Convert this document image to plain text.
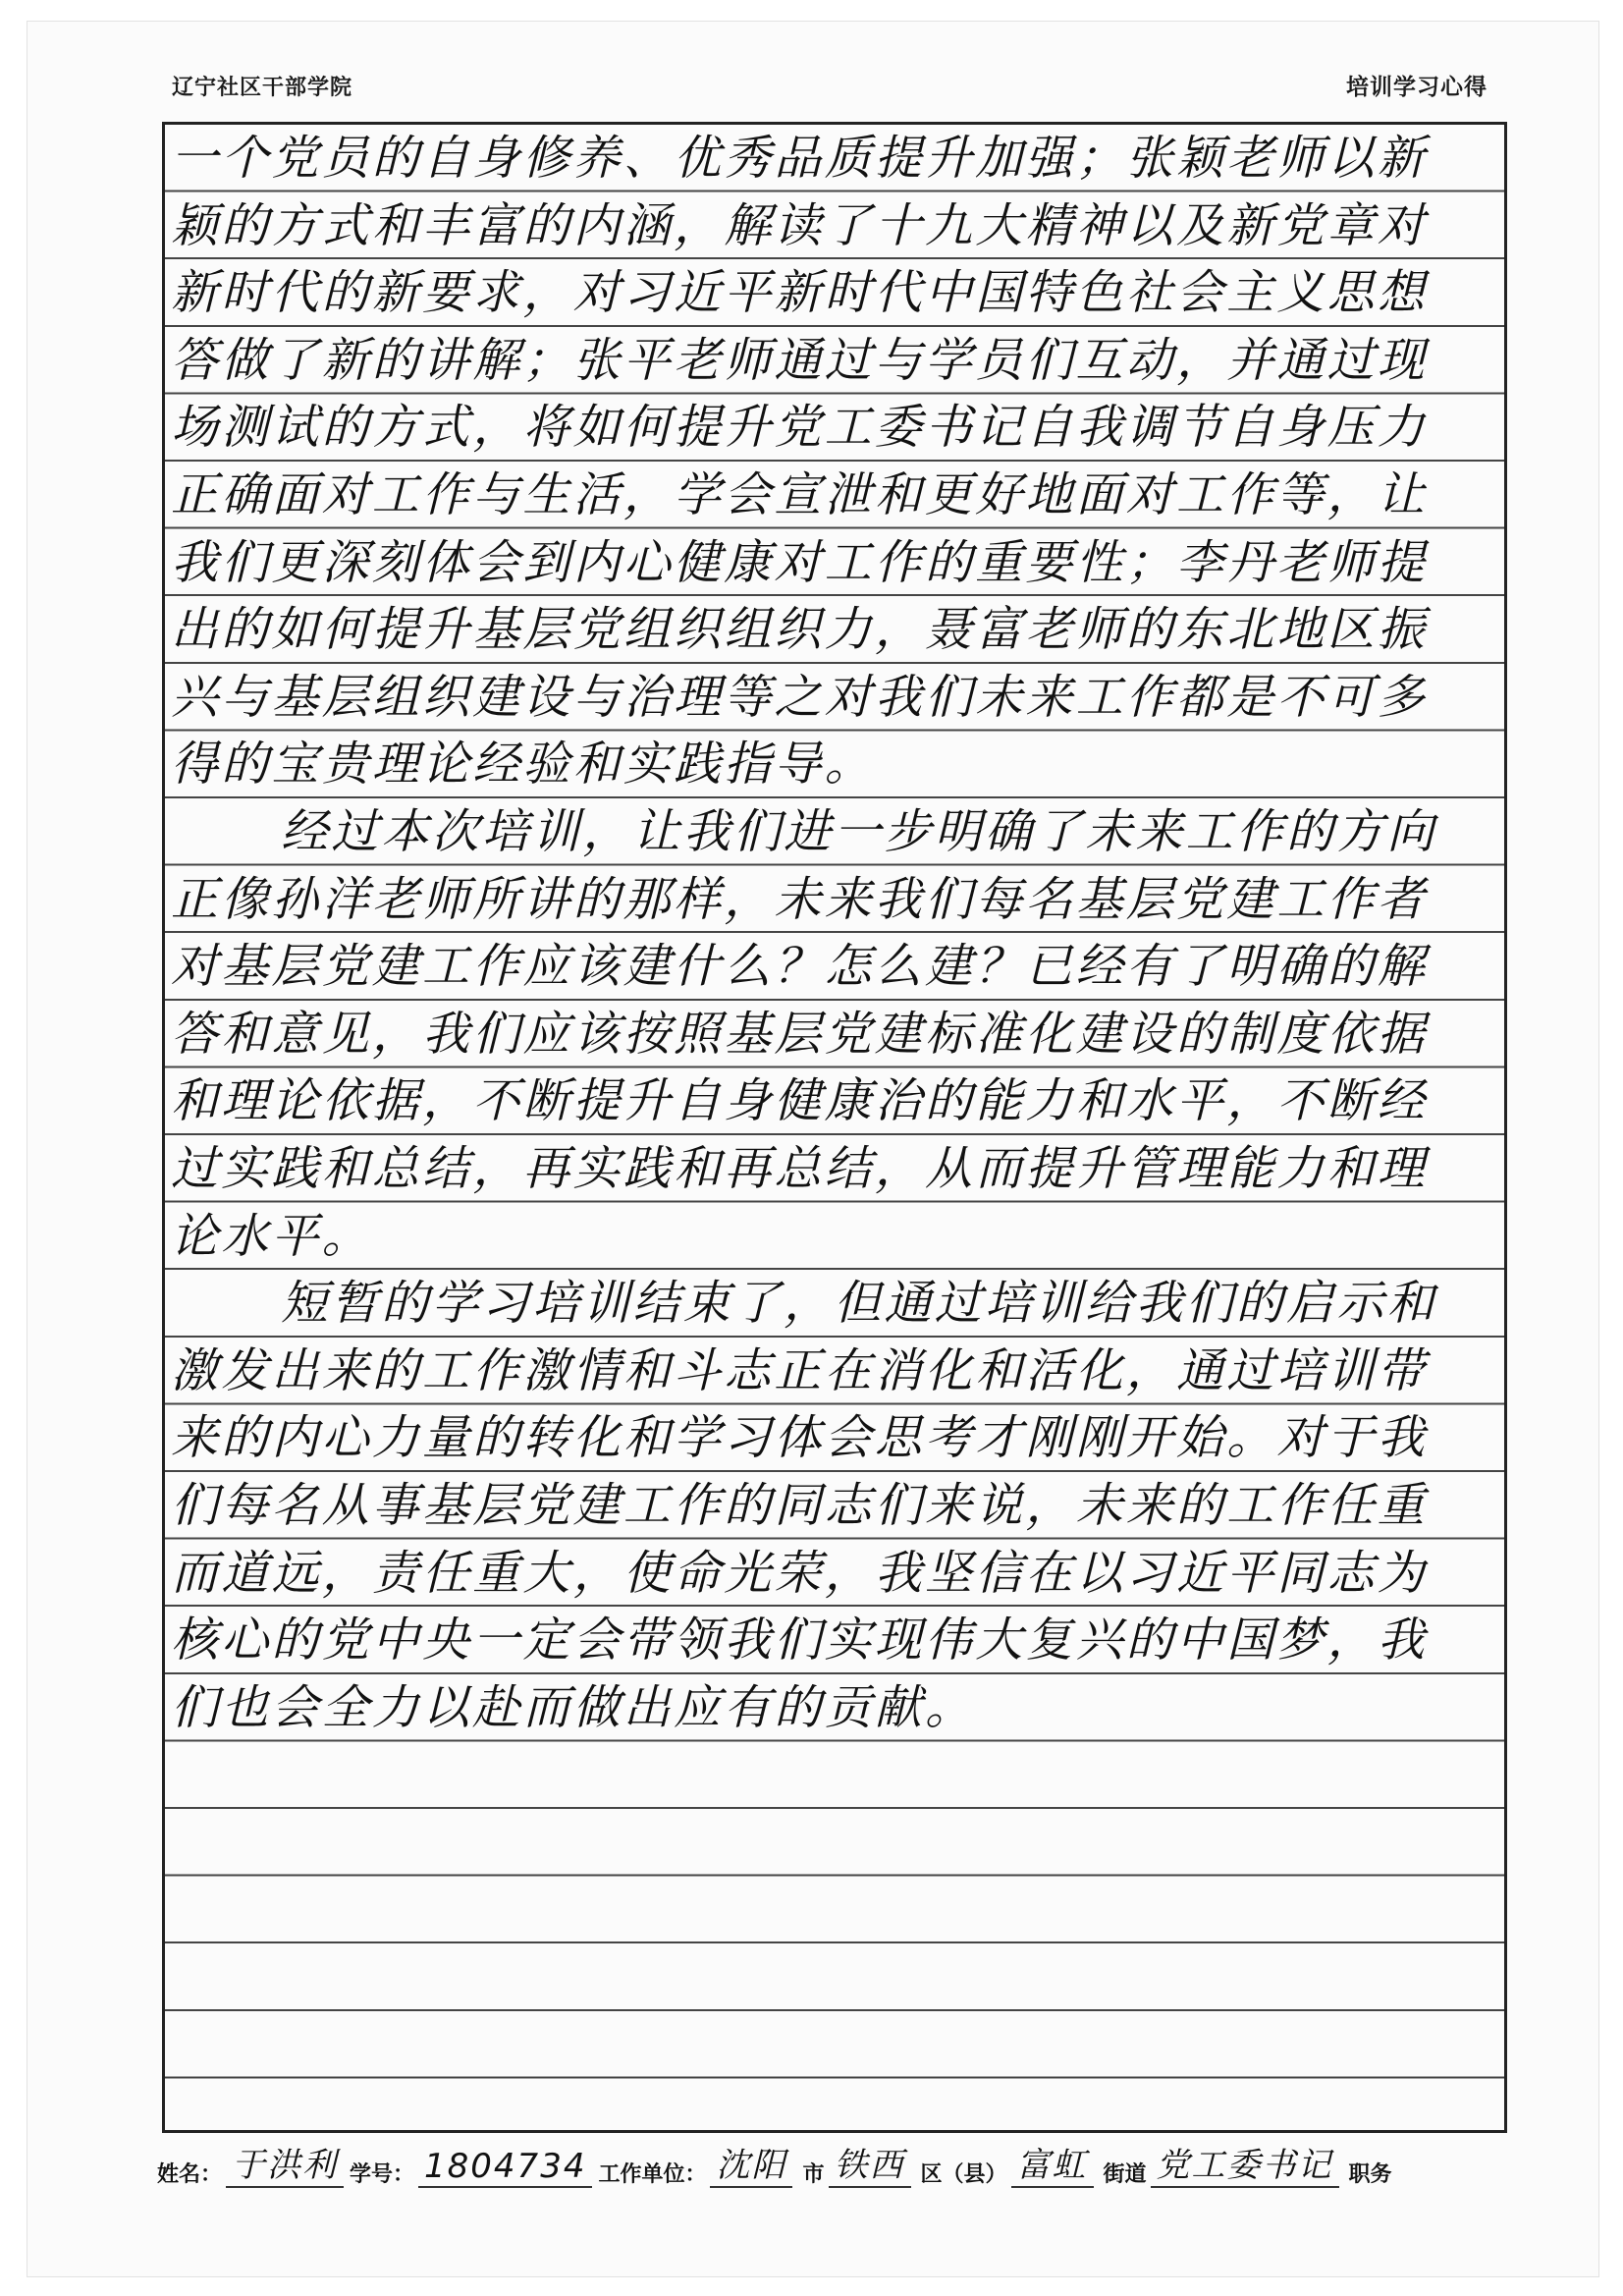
辽宁社区干部学院	培训学习心得
一个党员的自身修养、优秀品质提升加强；张颖老师以新
颖的方式和丰富的内涵，解读了十九大精神以及新党章对
新时代的新要求，对习近平新时代中国特色社会主义思想
答做了新的讲解；张平老师通过与学员们互动，并通过现
场测试的方式，将如何提升党工委书记自我调节自身压力
正确面对工作与生活，学会宣泄和更好地面对工作等，让
我们更深刻体会到内心健康对工作的重要性；李丹老师提
出的如何提升基层党组织组织力，聂富老师的东北地区振
兴与基层组织建设与治理等之对我们未来工作都是不可多
得的宝贵理论经验和实践指导。
经过本次培训，让我们进一步明确了未来工作的方向
正像孙洋老师所讲的那样，未来我们每名基层党建工作者
对基层党建工作应该建什么？怎么建？已经有了明确的解
答和意见，我们应该按照基层党建标准化建设的制度依据
和理论依据，不断提升自身健康治的能力和水平，不断经
过实践和总结，再实践和再总结，从而提升管理能力和理
论水平。
短暂的学习培训结束了，但通过培训给我们的启示和
激发出来的工作激情和斗志正在消化和活化，通过培训带
来的内心力量的转化和学习体会思考才刚刚开始。对于我
们每名从事基层党建工作的同志们来说，未来的工作任重
而道远，责任重大，使命光荣，我坚信在以习近平同志为
核心的党中央一定会带领我们实现伟大复兴的中国梦，我
们也会全力以赴而做出应有的贡献。
姓名： 于洪利 学号： 1804734 工作单位： 沈阳 市 铁西 区（县） 富虹 街道 党工委书记 职务
